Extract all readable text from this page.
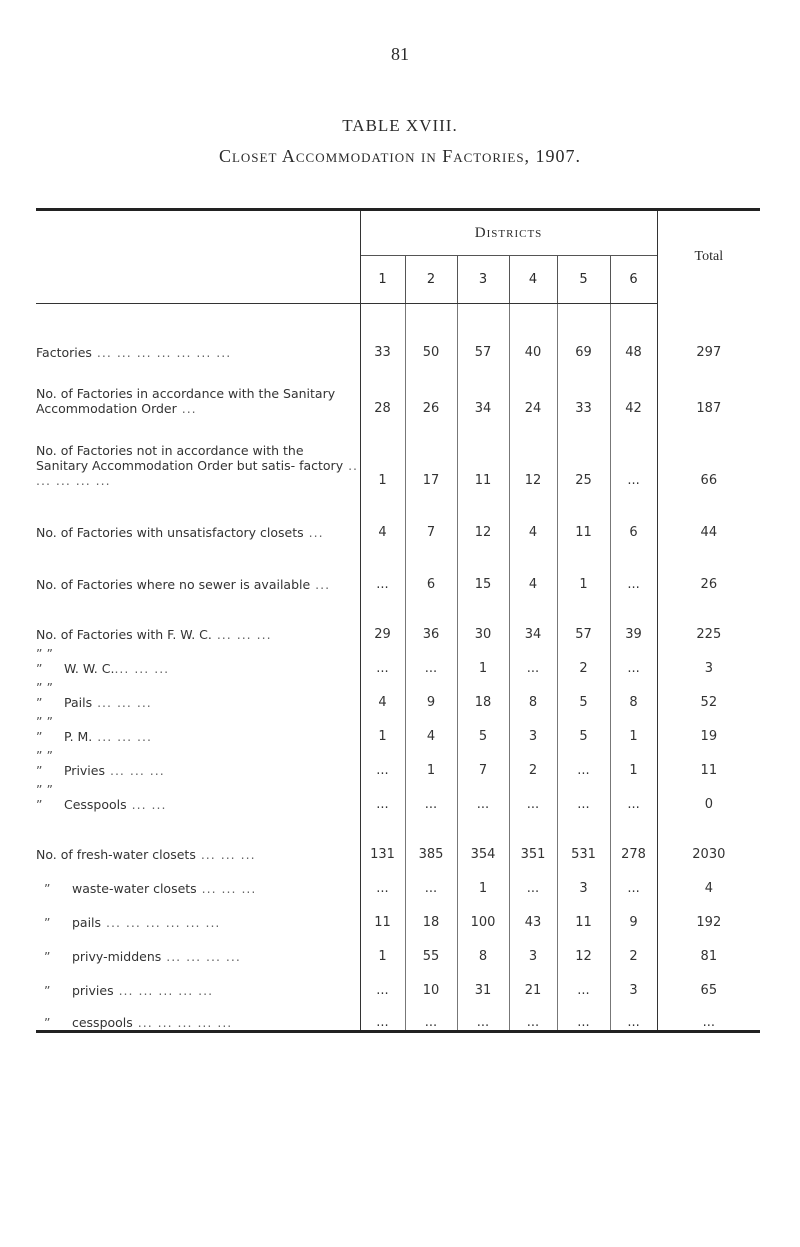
81
TABLE XVIII.
Closet Accommodation in Factories, 1907.
	Districts						Total
	1	2	3	4	5	6	
Factories ... ... ... ... ... ... ...	33	50	57	40	69	48	297
No. of Factories in accordance with the Sanitary Accommodation Order ...	28	26	34	24	33	42	187
No. of Factories not in accordance with the Sanitary Accommodation Order but satis- factory .. ... ... ... ...	1	17	11	12	25	...	66
No. of Factories with unsatisfactory closets ...	4	7	12	4	11	6	44
No. of Factories where no sewer is available ...	...	6	15	4	1	...	26
No. of Factories with F. W. C. ... ... ...	29	36	30	34	57	39	225
” ” ” W. W. C.... ... ...	...	...	1	...	2	...	3
” ” ” Pails ... ... ...	4	9	18	8	5	8	52
” ” ” P. M. ... ... ...	1	4	5	3	5	1	19
” ” ” Privies ... ... ...	...	1	7	2	...	1	11
” ” ” Cesspools ... ...	...	...	...	...	...	...	0
No. of fresh-water closets ... ... ...	131	385	354	351	531	278	2030
” waste-water closets ... ... ...	...	...	1	...	3	...	4
” pails ... ... ... ... ... ...	11	18	100	43	11	9	192
” privy-middens ... ... ... ...	1	55	8	3	12	2	81
” privies ... ... ... ... ...	...	10	31	21	...	3	65
” cesspools ... ... ... ... ...	...	...	...	...	...	...	...
